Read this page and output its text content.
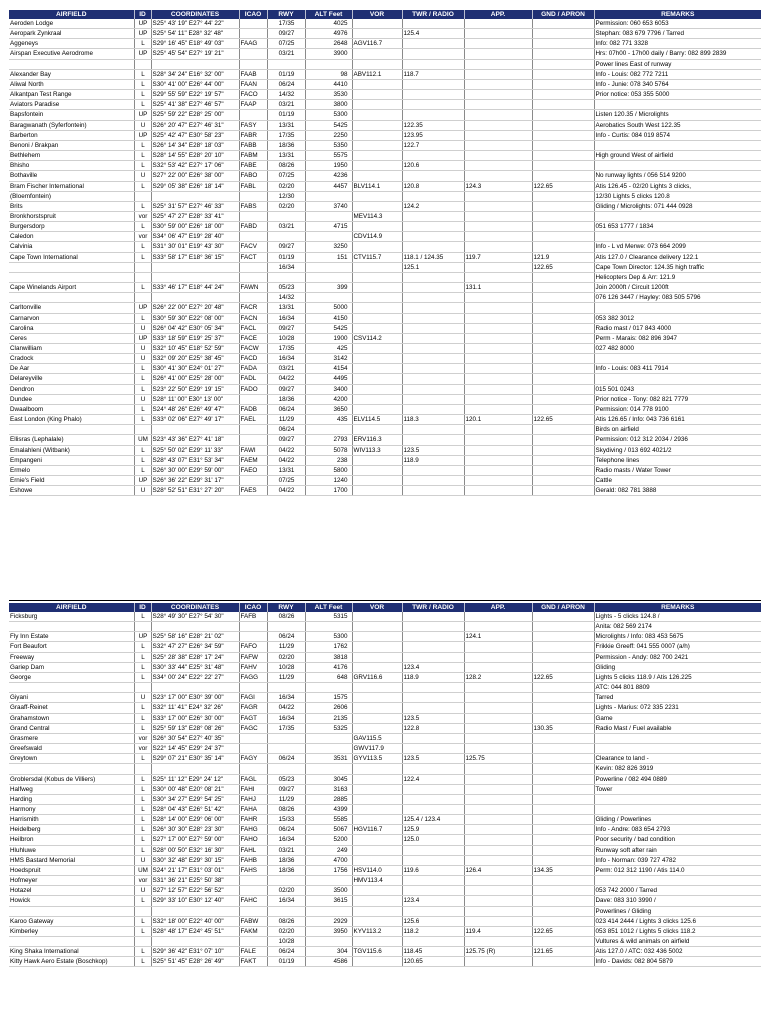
AIRFIELD	ID	COORDINATES	ICAO	RWY	ALT Feet	VOR	TWR / RADIO	APP.	GND / APRON	REMARKS
Aeroden Lodge	UP	S25° 43' 19" E27° 44' 22"		17/35	4025					Permission: 060 653 6053
Aeropark Zynkraal	UP	S25° 54' 11" E28° 32' 48"		09/27	4976		125.4			Stephan: 083 679 7796 / Tarred
Aggeneys	L	S29° 16' 45" E18° 49' 03"	FAAG	07/25	2648	AGV116.7				Info: 082 771 3328
Airspan Executive Aerodrome	UP	S25° 45' 54" E27° 19' 21"		03/21	3900					Hrs: 07h00 - 17h00 daily / Barry: 082 899 2839
										Power lines East of runway
Alexander Bay	L	S28° 34' 24" E16° 32' 00"	FAAB	01/19	98	ABV112.1	118.7			Info - Louis: 082 772 7211
Aliwal North	L	S30° 41' 00" E26° 44' 00"	FAAN	06/24	4410					Info - Junie: 078 340 5764
Alkantpan Test Range	L	S29° 55' 59" E22° 19' 57"	FACO	14/32	3530					Prior notice: 053 355 5000
Aviators Paradise	L	S25° 41' 38" E27° 46' 57"	FAAP	03/21	3800					
Bapsfontein	UP	S25° 59' 22" E28° 25' 00"		01/19	5300					Listen 120.35 / Microlights
Baragwanath (Syferfontein)	U	S26° 20' 47" E27° 46' 31"	FASY	13/31	5425		122.35			Aerobatics South West 122.35
Barberton	UP	S25° 42' 47" E30° 58' 23"	FABR	17/35	2250		123.95			Info - Curtis: 084 019 8574
Benoni / Brakpan	L	S26° 14' 34" E28° 18' 03"	FABB	18/36	5350		122.7			
Bethlehem	L	S28° 14' 55" E28° 20' 10"	FABM	13/31	5575					High ground West of airfield
Bhisho	L	S32° 53' 42" E27° 17' 06"	FABE	08/26	1950		120.6			
Bothaville	U	S27° 22' 00" E26° 38' 00"	FABO	07/25	4236					No runway lights / 056 514 9200
Bram Fischer International	L	S29° 05' 38" E26° 18' 14"	FABL	02/20	4457	BLV114.1	120.8	124.3	122.65	Atis 126.45 - 02/20 Lights 3 clicks,
(Bloemfontein)				12/30						12/30 Lights 5 clicks 120.8
Brits	L	S25° 31' 57" E27° 46' 33"	FABS	02/20	3740		124.2			Gliding / Microlights: 071 444 0928
Bronkhorstspruit	vor	S25° 47' 27" E28° 33' 41"				MEV114.3				
Burgersdorp	L	S30° 59' 00" E26° 18' 00"	FABD	03/21	4715					051 653 1777 / 1834
Caledon	vor	S34° 06' 47" E19° 28' 40"				CDV114.9				
Calvinia	L	S31° 30' 01" E19° 43' 30"	FACV	09/27	3250					Info - L vd Merwe: 073 664 2099
Cape Town International	L	S33° 58' 17" E18° 36' 15"	FACT	01/19	151	CTV115.7	118.1 / 124.35	119.7	121.9	Atis 127.0 / Clearance delivery 122.1
				16/34			125.1		122.65	Cape Town Director: 124.35 high traffic
										Helicopters Dep & Arr: 121.9
Cape Winelands Airport	L	S33° 46' 17" E18° 44' 24"	FAWN	05/23	399			131.1		Join 2000ft / Circuit 1200ft
				14/32						076 126 3447 / Hayley: 083 505 5796
Carltonville	UP	S26° 22' 00" E27° 20' 48"	FACR	13/31	5000					
Carnarvon	L	S30° 59' 30" E22° 08' 00"	FACN	16/34	4150					053 382 3012
Carolina	U	S26° 04' 42" E30° 05' 34"	FACL	09/27	5425					Radio mast / 017 843 4000
Ceres	UP	S33° 18' 59" E19° 25' 37"	FACE	10/28	1900	CSV114.2				Perm - Marais: 082 896 3947
Clanwilliam	U	S32° 10' 45" E18° 52' 59"	FACW	17/35	425					027 482 8000
Cradock	U	S32° 09' 20" E25° 38' 45"	FACD	16/34	3142					
De Aar	L	S30° 41' 30" E24° 01' 27"	FADA	03/21	4154					Info - Louis: 083 411 7914
Delareyville	L	S26° 41' 00" E25° 28' 00"	FADL	04/22	4495					
Dendron	L	S23° 22' 50" E29° 19' 15"	FADO	09/27	3400					015 501 0243
Dundee	U	S28° 11' 00" E30° 13' 00"		18/36	4200					Prior notice - Tony: 082 821 7779
Dwaalboom	L	S24° 48' 26" E26° 49' 47"	FADB	06/24	3650					Permission: 014 778 9100
East London (King Phalo)	L	S33° 02' 06" E27° 49' 17"	FAEL	11/29	435	ELV114.5	118.3	120.1	122.65	Atis 126.65 / Info: 043 736 6161
				06/24						Birds on airfield
Ellisras (Lephalale)	UM	S23° 43' 36" E27° 41' 18"		09/27	2793	ERV116.3				Permission: 012 312 2034 / 2936
Emalahleni (Witbank)	L	S25° 50' 02" E29° 11' 33"	FAWI	04/22	5078	WIV113.3	123.5			Skydiving / 013 692 4021/2
Empangeni	L	S28° 43' 07" E31° 53' 34"	FAEM	04/22	238		118.9			Telephone lines
Ermelo	L	S26° 30' 00" E29° 59' 00"	FAEO	13/31	5800					Radio masts / Water Tower
Ernie's Field	UP	S26° 36' 22" E29° 31' 17"		07/25	1240					Cattle
Eshowe	U	S28° 52' 51" E31° 27' 20"	FAES	04/22	1700					Gerald: 082 781 3888
AIRFIELD	ID	COORDINATES	ICAO	RWY	ALT Feet	VOR	TWR / RADIO	APP.	GND / APRON	REMARKS
Ficksburg	L	S28° 49' 30" E27° 54' 30"	FAFB	08/26	5315					Lights - 5 clicks 124.8 /
										Anita: 082 569 2174
Fly Inn Estate	UP	S25° 58' 16" E28° 21' 02"		06/24	5300			124.1		Microlights / Info: 083 453 5675
Fort Beaufort	L	S32° 47' 27" E26° 34' 59"	FAFO	11/29	1762					Frikkie Greeff: 041 555 0007 (a/h)
Freeway	L	S25° 28' 38" E28° 17' 24"	FAFW	02/20	3818					Permission - Andy: 082 700 2421
Gariep Dam	L	S30° 33' 44" E25° 31' 48"	FAHV	10/28	4176		123.4			Gliding
George	L	S34° 00' 24" E22° 22' 27"	FAGG	11/29	648	GRV116.6	118.9	128.2	122.65	Lights 5 clicks 118.9 / Atis 126.225
										ATC: 044 801 8809
Giyani	U	S23° 17' 00" E30° 39' 00"	FAGI	16/34	1575					Tarred
Graaff-Reinet	L	S32° 11' 41" E24° 32' 26"	FAGR	04/22	2606					Lights - Marius: 072 335 2231
Grahamstown	L	S33° 17' 00" E26° 30' 00"	FAGT	16/34	2135		123.5			Game
Grand Central	L	S25° 59' 13" E28° 08' 26"	FAGC	17/35	5325		122.8		130.35	Radio Mast / Fuel available
Grasmere	vor	S26° 30' 54" E27° 40' 35"				GAV115.5				
Greefswald	vor	S22° 14' 45" E29° 24' 37"				GWV117.9				
Greytown	L	S29° 07' 21" E30° 35' 14"	FAGY	06/24	3531	GYV113.5	123.5	125.75		Clearance to land -
										Kevin: 082 826 3919
Groblersdal (Kobus de Villiers)	L	S25° 11' 12" E29° 24' 12"	FAGL	05/23	3045		122.4			Powerline / 082 494 0889
Halfweg	L	S30° 00' 48" E20° 08' 21"	FAHI	09/27	3163					Tower
Harding	L	S30° 34' 27" E29° 54' 25"	FAHJ	11/29	2885					
Harmony	L	S28° 04' 43" E26° 51' 42"	FAHA	08/26	4399					
Harrismith	L	S28° 14' 00" E29° 06' 00"	FAHR	15/33	5585		125.4 / 123.4			Gliding / Powerlines
Heidelberg	L	S26° 30' 30" E28° 23' 30"	FAHG	06/24	5067	HGV116.7	125.9			Info - Andre: 083 654 2793
Heilbron	L	S27° 17' 00" E27° 59' 00"	FAHO	16/34	5200		125.0			Poor security / bad condition
Hluhluwe	L	S28° 00' 50" E32° 16' 30"	FAHL	03/21	249					Runway soft after rain
HMS Bastard Memorial	U	S30° 32' 48" E29° 30' 15"	FAHB	18/36	4700					Info - Norman: 039 727 4782
Hoedspruit	UM	S24° 21' 17" E31° 03' 01"	FAHS	18/36	1756	HSV114.0	119.6	126.4	134.35	Perm: 012 312 1190 / Atis 114.0
Hofmeyer	vor	S31° 36' 21" E25° 50' 38"				HMV113.4				
Hotazel	U	S27° 12' 57" E22° 56' 52"		02/20	3500					053 742 2000 / Tarred
Howick	L	S29° 33' 10" E30° 12' 40"	FAHC	16/34	3615		123.4			Dave: 083 310 3990 /
										Powerlines / Gliding
Karoo Gateway	L	S32° 18' 00" E22° 40' 00"	FABW	08/26	2929		125.6			023 414 2444 / Lights 3 clicks 125.6
Kimberley	L	S28° 48' 17" E24° 45' 51"	FAKM	02/20	3950	KYV113.2	118.2	119.4	122.65	053 851 1012 / Lights 5 clicks 118.2
				10/28						Vultures & wild animals on airfield
King Shaka International	L	S29° 36' 42" E31° 07' 10"	FALE	06/24	304	TGV115.6	118.45	125.75 (R)	121.65	Atis 127.0 / ATC: 032 436 5002
Kitty Hawk Aero Estate (Boschkop)	L	S25° 51' 45" E28° 26' 49"	FAKT	01/19	4586		120.65			Info - Davids: 082 804 5879
